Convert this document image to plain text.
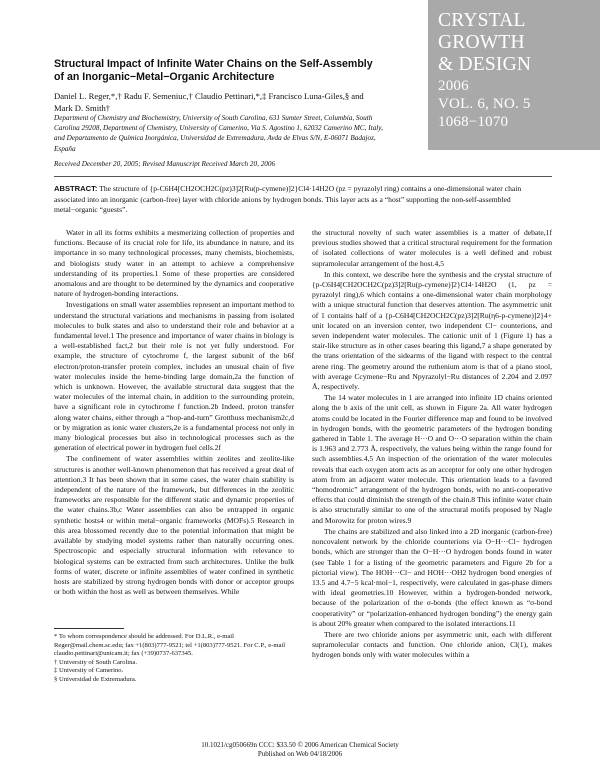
Structural Impact of Infinite Water Chains on the Self-Assembly of an Inorganic−Metal−Organic Architecture
Daniel L. Reger,*,† Radu F. Semeniuc,† Claudio Pettinari,*,‡ Francisco Luna-Giles,§ and Mark D. Smith†
Department of Chemistry and Biochemistry, University of South Carolina, 631 Sumter Street, Columbia, South Carolina 29208, Department of Chemistry, University of Camerino, Via S. Agostino 1, 62032 Camerino MC, Italy, and Departamento de Química Inorgánica, Universidad de Extremadura, Avda de Elvas S/N, E-06071 Badajoz, España
Received December 20, 2005; Revised Manuscript Received March 20, 2006
CRYSTAL
GROWTH
& DESIGN
2006
VOL. 6, NO. 5
1068−1070
ABSTRACT: The structure of {p-C6H4[CH2OCH2C(pz)3]2[Ru(p-cymene)]2}Cl4·14H2O (pz = pyrazolyl ring) contains a one-dimensional water chain associated into an inorganic (carbon-free) layer with chloride anions by hydrogen bonds. This layer acts as a “host” supporting the non-self-assembled metal−organic “guests”.

Water in all its forms exhibits a mesmerizing collection of properties and functions. Because of its crucial role for life, its abundance in nature, and its importance in so many technological processes, many chemists, biochemists, and biologists study water in an attempt to achieve a comprehensive understanding of its properties.1 Some of these properties are considered anomalous and are thought to be determined by the dynamics and cooperative nature of hydrogen-bonding interactions.

Investigations on small water assemblies represent an important method to understand the structural variations and mechanisms in passing from isolated molecules to bulk states and also to understand their role and behavior at a fundamental level.1 The presence and importance of water chains in biology is a well-established fact,2 but their role is not yet fully understood. For example, the structure of cytochrome f, the largest subunit of the b6f electron/proton-transfer protein complex, includes an unusual chain of five water molecules inside the heme-binding large domain,2a the function of which is unknown. However, the available structural data suggest that the water molecules of the internal chain, in addition to the surrounding protein, have a significant role in cytochrome f function.2b Indeed, proton transfer along water chains, either through a “hop-and-turn” Grotthuss mechanism2c,d or by migration as ionic water clusters,2e is a fundamental process not only in many biological processes but also in technological processes such as the generation of electrical power in hydrogen fuel cells.2f

The confinement of water assemblies within zeolites and zeolite-like structures is another well-known phenomenon that has received a great deal of attention.3 It has been shown that in some cases, the water chain stability is independent of the nature of the framework, but differences in the zeolitic frameworks are responsible for the different static and dynamic properties of the water chains.3b,c Water assemblies can also be entrapped in organic synthetic hosts4 or within metal−organic frameworks (MOFs).5 Research in this area blossomed recently due to the potential information that might be available by studying model systems rather than naturally occurring ones. Spectroscopic and especially structural information with relevance to biological systems can be extracted from such architectures. Unlike the bulk forms of water, discrete or infinite assemblies of water confined in synthetic hosts are stabilized by strong hydrogen bonds with donor or acceptor groups or both within the host as well as between themselves. While

the structural novelty of such water assemblies is a matter of debate,1f previous studies showed that a critical structural requirement for the formation of isolated collections of water molecules is a well defined and robust supramolecular arrangement of the host.4,5

In this context, we describe here the synthesis and the crystal structure of {p-C6H4[CH2OCH2C(pz)3]2[Ru(p-cymene)]2}Cl4·14H2O (1, pz = pyrazolyl ring),6 which contains a one-dimensional water chain morphology with a unique structural function that deserves attention. The asymmetric unit of 1 contains half of a {p-C6H4[CH2OCH2C(pz)3]2[Ru(η6-p-cymene)]2}4+ unit located on an inversion center, two independent Cl− counterions, and seven independent water molecules. The cationic unit of 1 (Figure 1) has a stair-like structure as in other cases bearing this ligand,7 a shape generated by the trans orientation of the sidearms of the ligand with respect to the central arene ring. The geometry around the ruthenium atom is that of a piano stool, with average Ccymene−Ru and Npyrazolyl−Ru distances of 2.204 and 2.097 Å, respectively.

The 14 water molecules in 1 are arranged into infinite 1D chains oriented along the b axis of the unit cell, as shown in Figure 2a. All water hydrogen atoms could be located in the Fourier difference map and found to be involved in hydrogen bonds, with the geometric parameters of the hydrogen bonding gathered in Table 1. The average H···O and O···O separation within the chain is 1.963 and 2.773 Å, respectively, the values being within the range found for such assemblies.4,5 An inspection of the orientation of the water molecules reveals that each oxygen atom acts as an acceptor for only one other hydrogen atom from an adjacent water molecule. This orientation leads to a favored “homodromic” arrangement of the hydrogen bonds, with no anti-cooperative effects that could diminish the strength of the chain.8 This infinite water chain is also structurally similar to one of the structural motifs proposed by Nagle and Morowitz for proton wires.9

The chains are stabilized and also linked into a 2D inorganic (carbon-free) noncovalent network by the chloride counterions via O−H···Cl− hydrogen bonds, which are stronger than the O−H···O hydrogen bonds found in water (see Table 1 for a listing of the geometric parameters and Figure 2b for a pictorial view). The HOH···Cl− and HOH···OH2 hydrogen bond energies of 13.5 and 4.7−5 kcal·mol−1, respectively, were calculated in gas-phase dimers with ideal geometries.10 However, within a hydrogen-bonded network, because of the polarization of the σ-bonds (the effect known as “σ-bond cooperativity” or “polarization-enhanced hydrogen bonding”) the energy gain is about 20% greater when compared to the isolated interactions.11

There are two chloride anions per asymmetric unit, each with different supramolecular contacts and function. One chloride anion, Cl(1), makes hydrogen bonds only with water molecules within a

* To whom correspondence should be addressed. For D.L.R., e-mail Reger@mail.chem.sc.edu; fax +1(803)777-9521; tel +1(803)777-9521. For C.P., e-mail claudio.pettinari@unicam.it; fax (+39)0737-637345.
† University of South Carolina.
‡ University of Camerino.
§ Universidad de Extremadura.
10.1021/cg050669n CCC: $33.50 © 2006 American Chemical Society
Published on Web 04/18/2006
